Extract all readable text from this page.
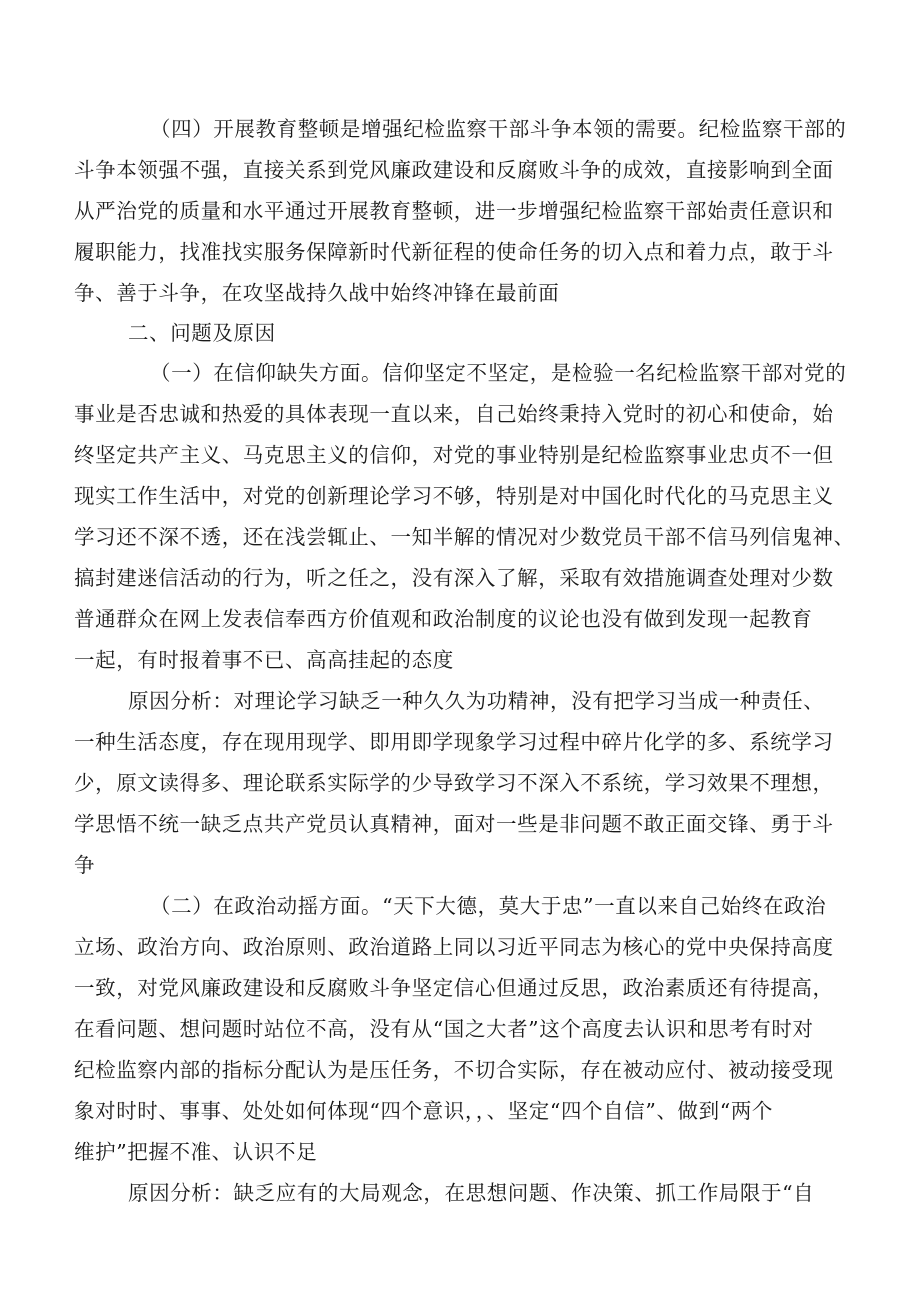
（四）开展教育整顿是增强纪检监察干部斗争本领的需要。纪检监察干部的
斗争本领强不强，直接关系到党风廉政建设和反腐败斗争的成效，直接影响到全面
从严治党的质量和水平通过开展教育整顿，进一步增强纪检监察干部始责任意识和
履职能力，找准找实服务保障新时代新征程的使命任务的切入点和着力点，敢于斗
争、善于斗争，在攻坚战持久战中始终冲锋在最前面
二、问题及原因
（一）在信仰缺失方面。信仰坚定不坚定，是检验一名纪检监察干部对党的
事业是否忠诚和热爱的具体表现一直以来，自己始终秉持入党时的初心和使命，始
终坚定共产主义、马克思主义的信仰，对党的事业特别是纪检监察事业忠贞不一但
现实工作生活中，对党的创新理论学习不够，特别是对中国化时代化的马克思主义
学习还不深不透，还在浅尝辄止、一知半解的情况对少数党员干部不信马列信鬼神、
搞封建迷信活动的行为，听之任之，没有深入了解，采取有效措施调查处理对少数
普通群众在网上发表信奉西方价值观和政治制度的议论也没有做到发现一起教育
一起，有时报着事不已、高高挂起的态度
原因分析：对理论学习缺乏一种久久为功精神，没有把学习当成一种责任、
一种生活态度，存在现用现学、即用即学现象学习过程中碎片化学的多、系统学习
少，原文读得多、理论联系实际学的少导致学习不深入不系统，学习效果不理想，
学思悟不统一缺乏点共产党员认真精神，面对一些是非问题不敢正面交锋、勇于斗
争
（二）在政治动摇方面。“天下大德，莫大于忠”一直以来自己始终在政治
立场、政治方向、政治原则、政治道路上同以习近平同志为核心的党中央保持高度
一致，对党风廉政建设和反腐败斗争坚定信心但通过反思，政治素质还有待提高，
在看问题、想问题时站位不高，没有从“国之大者”这个高度去认识和思考有时对
纪检监察内部的指标分配认为是压任务，不切合实际，存在被动应付、被动接受现
象对时时、事事、处处如何体现“四个意识，，、坚定“四个自信”、做到“两个
维护”把握不准、认识不足
原因分析：缺乏应有的大局观念，在思想问题、作决策、抓工作局限于“自
